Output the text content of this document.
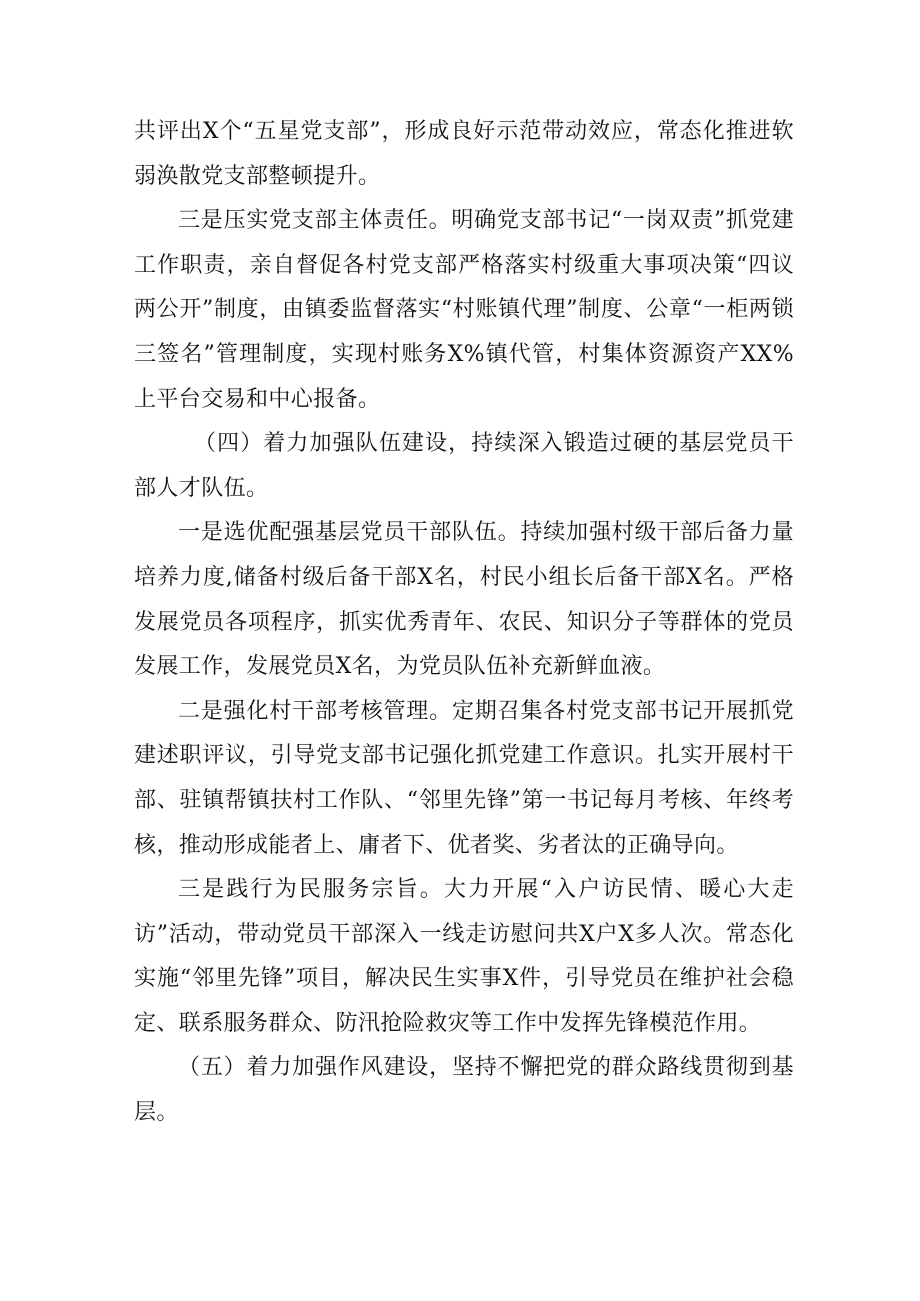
共评出X个“五星党支部”，形成良好示范带动效应，常态化推进软弱涣散党支部整顿提升。

三是压实党支部主体责任。明确党支部书记“一岗双责”抓党建工作职责，亲自督促各村党支部严格落实村级重大事项决策“四议两公开”制度，由镇委监督落实“村账镇代理”制度、公章“一柜两锁三签名”管理制度，实现村账务X%镇代管，村集体资源资产XX%上平台交易和中心报备。

（四）着力加强队伍建设，持续深入锻造过硬的基层党员干部人才队伍。

一是选优配强基层党员干部队伍。持续加强村级干部后备力量培养力度,储备村级后备干部X名，村民小组长后备干部X名。严格发展党员各项程序，抓实优秀青年、农民、知识分子等群体的党员发展工作，发展党员X名，为党员队伍补充新鲜血液。

二是强化村干部考核管理。定期召集各村党支部书记开展抓党建述职评议，引导党支部书记强化抓党建工作意识。扎实开展村干部、驻镇帮镇扶村工作队、“邻里先锋”第一书记每月考核、年终考核，推动形成能者上、庸者下、优者奖、劣者汰的正确导向。

三是践行为民服务宗旨。大力开展“入户访民情、暖心大走访”活动，带动党员干部深入一线走访慰问共X户X多人次。常态化实施“邻里先锋”项目，解决民生实事X件，引导党员在维护社会稳定、联系服务群众、防汛抢险救灾等工作中发挥先锋模范作用。

（五）着力加强作风建设，坚持不懈把党的群众路线贯彻到基层。
